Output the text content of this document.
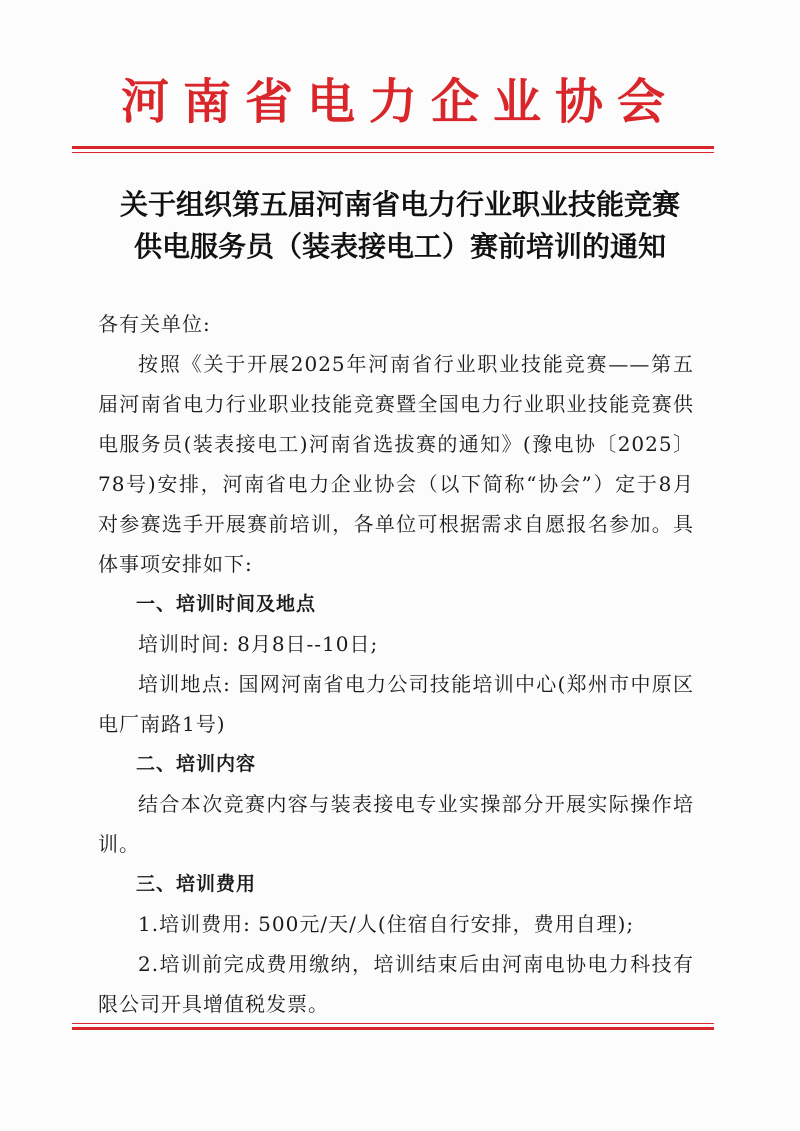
河南省电力企业协会
关于组织第五届河南省电力行业职业技能竞赛
供电服务员（装表接电工）赛前培训的通知

各有关单位:

按照《关于开展2025年河南省行业职业技能竞赛——第五届河南省电力行业职业技能竞赛暨全国电力行业职业技能竞赛供电服务员(装表接电工)河南省选拔赛的通知》(豫电协〔2025〕78号)安排，河南省电力企业协会（以下简称“协会”）定于8月对参赛选手开展赛前培训，各单位可根据需求自愿报名参加。具体事项安排如下:

一、培训时间及地点

培训时间: 8月8日--10日;

培训地点: 国网河南省电力公司技能培训中心(郑州市中原区电厂南路1号)

二、培训内容

结合本次竞赛内容与装表接电专业实操部分开展实际操作培训。

三、培训费用

1.培训费用: 500元/天/人(住宿自行安排，费用自理);

2.培训前完成费用缴纳，培训结束后由河南电协电力科技有限公司开具增值税发票。
